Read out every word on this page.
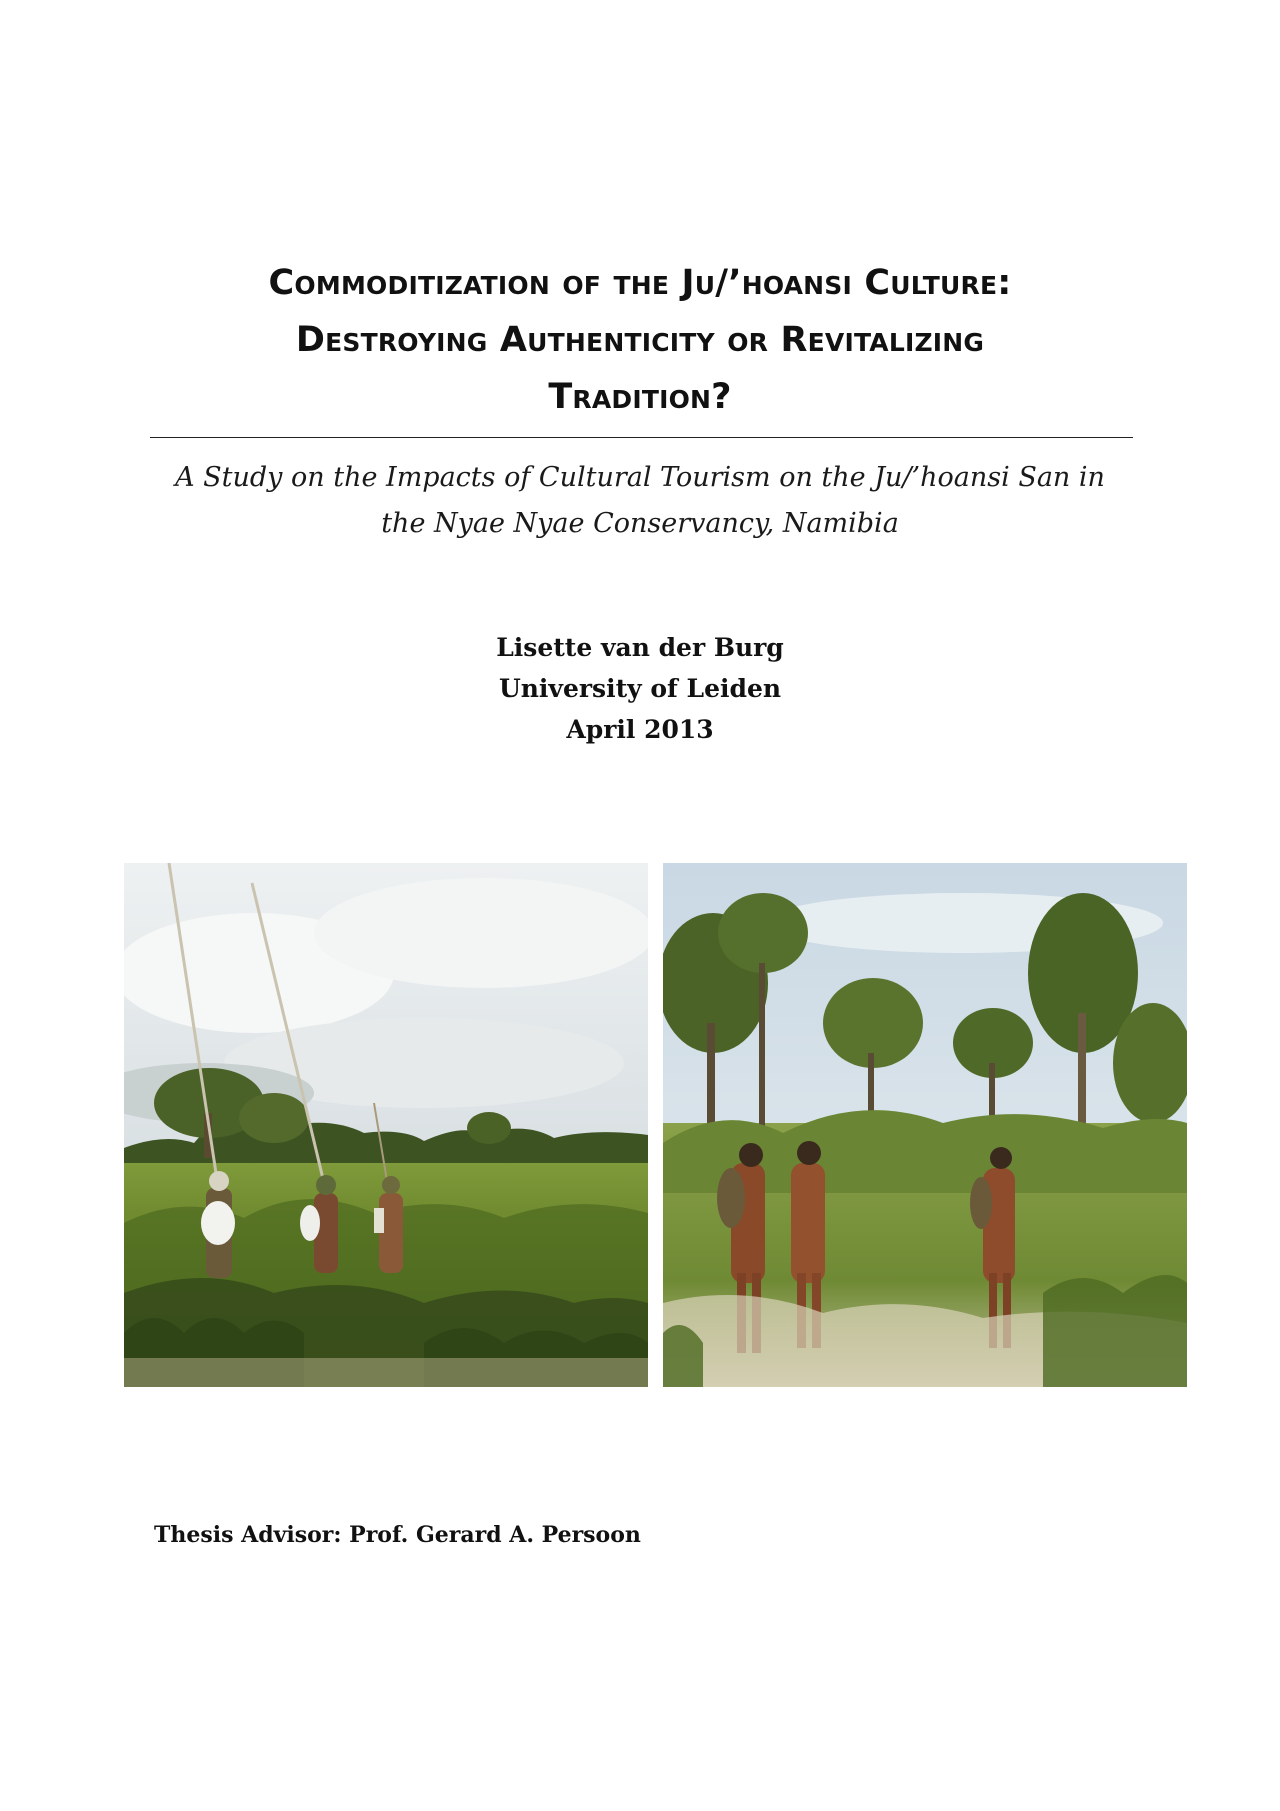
Commoditization of the Ju/’hoansi Culture:
Destroying Authenticity or Revitalizing
Tradition?

A Study on the Impacts of Cultural Tourism on the Ju/’hoansi San in
the Nyae Nyae Conservancy, Namibia

Lisette van der Burg
University of Leiden
April 2013

Thesis Advisor: Prof. Gerard A. Persoon
